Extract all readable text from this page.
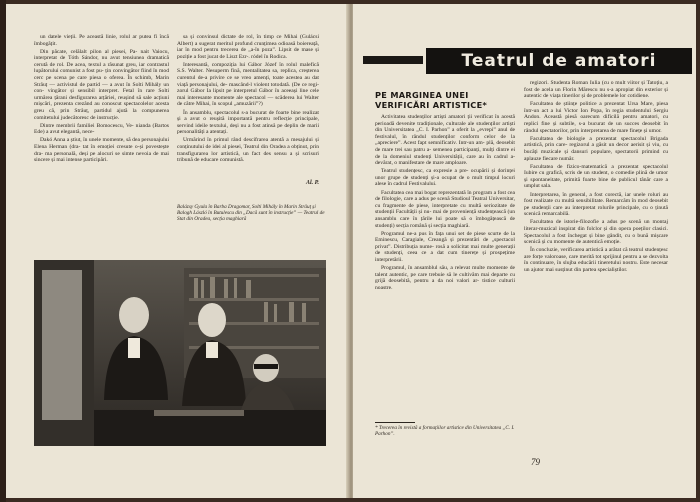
un datele vieții. Pe această linie, rolul ar putea fi încă îmbogățit.

Din păcate, celălalt pilon al piesei, Pa- nait Vaiocu, interpretat de Tóth Sándor, nu avut tensiunea dramatică cerută de rol. De acea, textul a răsunat greu, iar contrastul lupătorului comunist a fost pu- țin convingător fiind în mod cerc pe scena pe care piesa o oferea. În schimb, Marin Strâuț — activistul de partid — a avut în Solti Mihály un con- vingător și sensibil interpret. Fetal în rare Solti urmărea țărani desfigurarea arțăriei, reușind să sale acțiuni mișcări, prezenta crezând au conoscut spectacolelor acesta greu că, prin Strâuț, partidul ajută la compunerea comitetului judecătoresc de instrucție.

Dintre membrii familiei Bomocescu, Ve- nianda (Bartos Ede) a avut elegantă, nece-

Dakó Anna a știut, în unele momente, să dea personajului Elena Herman (dra- tat în emoției cresute o-și povestește dra- ma personală, deși pe alocuri se simte nevoia de mai sincere și mai intense participări.

sa și convinsul dictate de rol, în timp ce Mihai (Gulácsi Albert) a sugerat meritul profund crunțimea odioasă boiereață, iar în mod pentru trecerea de „a-în poza”. Lipsit de mase și poziție a fost jucat de Liszt Ezr-. ródel în Rodica.

Interesantă, compoziția lui Gábor Józef în rolul malefică S.S. Walter. Nesuperm fină, mentalitatea sa, replica, creșterea curentul de-a privire ce se vreo amenți, toate acestea au dat viață personajului, de- mascând-l violent totodată. (De ce regi- zorul Gábor Ia lipsit pe interpretul Gábor în aceeași line cele mai interesante momente ale spectacol — scăderea lui Walter de către Mihai, în scopul „amuzării”?)

În ansamblu, spectacolul s-a bucurat de foarte bine realizat și a avut o reușită importantă pentru reflecție principale, servind ideile textului, deși nu a fost atinsă pe deplin de marii personalități a atentați.

Urmărind în primul rând descifrarea atentă a mesajului și conținutului de idei al piesei, Teatrul din Oradea a obținut, prin transfigurarea lor artistică, un fact des sensu a și scrisuri tribună de educare comunistă.

Al. P.
Balázsy Gyula în Barba Dragomar, Solti Mihály în Marin Strâuț și Balogh László în Butulescu din „Dacă sunt în instrucție” — Teatrul de Stat din Oradea, secția maghiară

Activitatea studenților artiști amatori ții verificat în acestă perioadă devenite tradiționale, culturale ale studenților artiști din Universitatea „C. I. Parhon” a oferit la „evrepi” anul de festivalul, în rândul studenților conform celor de la „apreciere”. Acest fapt semnificativ. Intr-un am- plă, deosebit de mare trei sau patru a- semenea participanți, mulți dintre ei de la domeniul studenți Universității, care au în cadrul a- devărat, o manifestare de mare amploare.

Teatrul studențesc, ca expresie a pre- ocupării și dorinței unor grupe de studenți și-a ocupat de o mult timpul locuri alese în cadrul Festivalului.

Facultatea cea mai bogat reprezentată în program a fost cea de filologie, care a adus pe scenă Studioul Teatral Universitar, cu fragmente de piese, interpretate cu multă seriozitate de studenții Facultății și nu- mai de proveniență studențească (un ansamblu care în țările lui poate să o îmbogățească de studenți) secția română și secția maghiară.

Programul ne-a pus în fața unui set de piese scurte de la Eminescu, Caragiale, Creangă și prezentări de „spectacol privat”. Distribuția nume- rosă a solicitat mai multe generații de studenți, ceea ce a dat cum tinerețe și prospețime interpretării.

Programul, în ansamblul său, a relevat multe momente de talent autentic, pe care trebuie să le cultivăm mai departe cu grijă deosebită, pentru a da noi valori ar- tistice culturii noastre.

regizori. Studenta Roman Iulia (cu o mult viitor și Tatoțiu, a fost de acela un Florin Mărescu nu s-a apropiat din exterior și autentic de viața tinerilor și de problemele lor cotidiene.

Facultatea de științe politice a prezentat Ursa Mare, piesa într-un act a lui Victor Ion Popa, în regia studentului Sergiu Andon. Această piesă oarecum dificilă pentru amatori, cu replici fine și subtile, s-a bucurat de un succes deosebit în rândul spectatorilor, prin interpretarea de mare finețe și umor.

Facultatea de biologie a prezentat spectacolul Brigada artistică, prin care- regizorul a găsit un decor aerisit și viu, cu bucăți muzicale și dansuri populare, spectatorii primind cu aplauze fiecare număr.

Facultatea de fizico-matematică a prezentat spectacolul Iubire cu grafică, scris de un student, o comedie plină de umor și spontaneitate, primită foarte bine de publicul tânăr care a umplut sala.

Interpretarea, în general, a fost corectă, iar unele roluri au fost realizate cu multă sensibilitate. Remarcăm în mod deosebit pe studenții care au interpretat rolurile principale, cu o ținută scenică remarcabilă.

Facultatea de istorie-filozofie a adus pe scenă un montaj literar-muzical inspirat din folclor și din opera poeților clasici. Spectacolul a fost închegat și bine gândit, cu o bună mișcare scenică și cu momente de autentică emoție.

În concluzie, verificarea artistică a arătat că teatrul studențesc are forțe valoroase, care merită tot sprijinul pentru a se dezvolta în continuare, în slujba educării tineretului nostru. Este necesar un ajutor mai susținut din partea specialiștilor.

* Trecerea în revistă a formațiilor artistice din Universitatea „C. I. Parhon”.
79
Teatrul de amatori
PE MARGINEA UNEI VERIFICĂRI ARTISTICE*
